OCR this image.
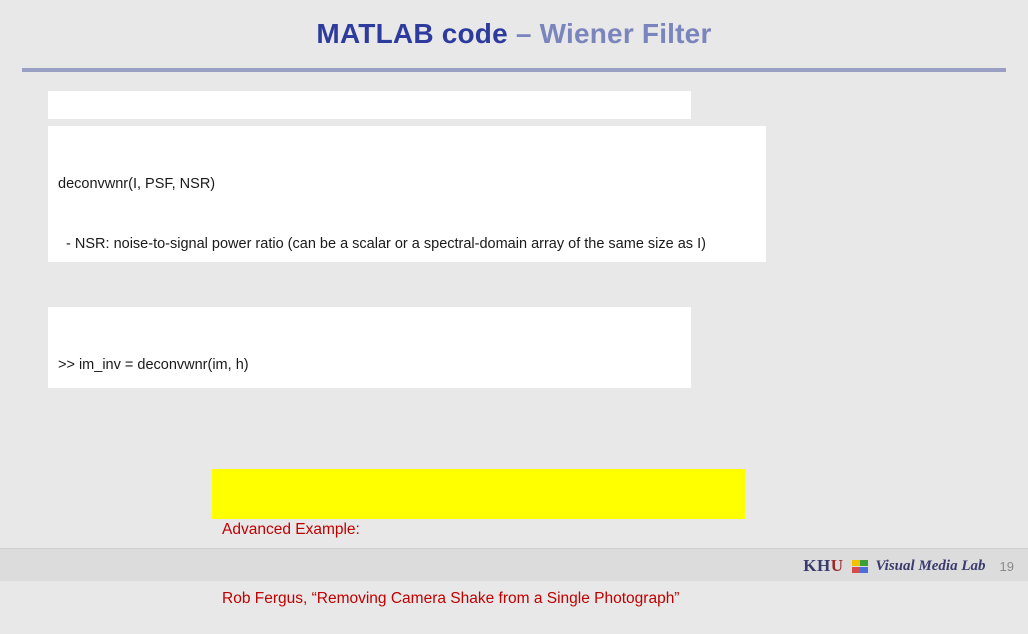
MATLAB code – Wiener Filter

deconvwnr(I, PSF, NSR)

- NSR: noise-to-signal power ratio (can be a scalar or a spectral-domain array of the same size as I)

>> im_inv = deconvwnr(im, h)

Advanced Example:

Rob Fergus, “Removing Camera Shake from a Single Photograph”

KHU Visual Media Lab 19
